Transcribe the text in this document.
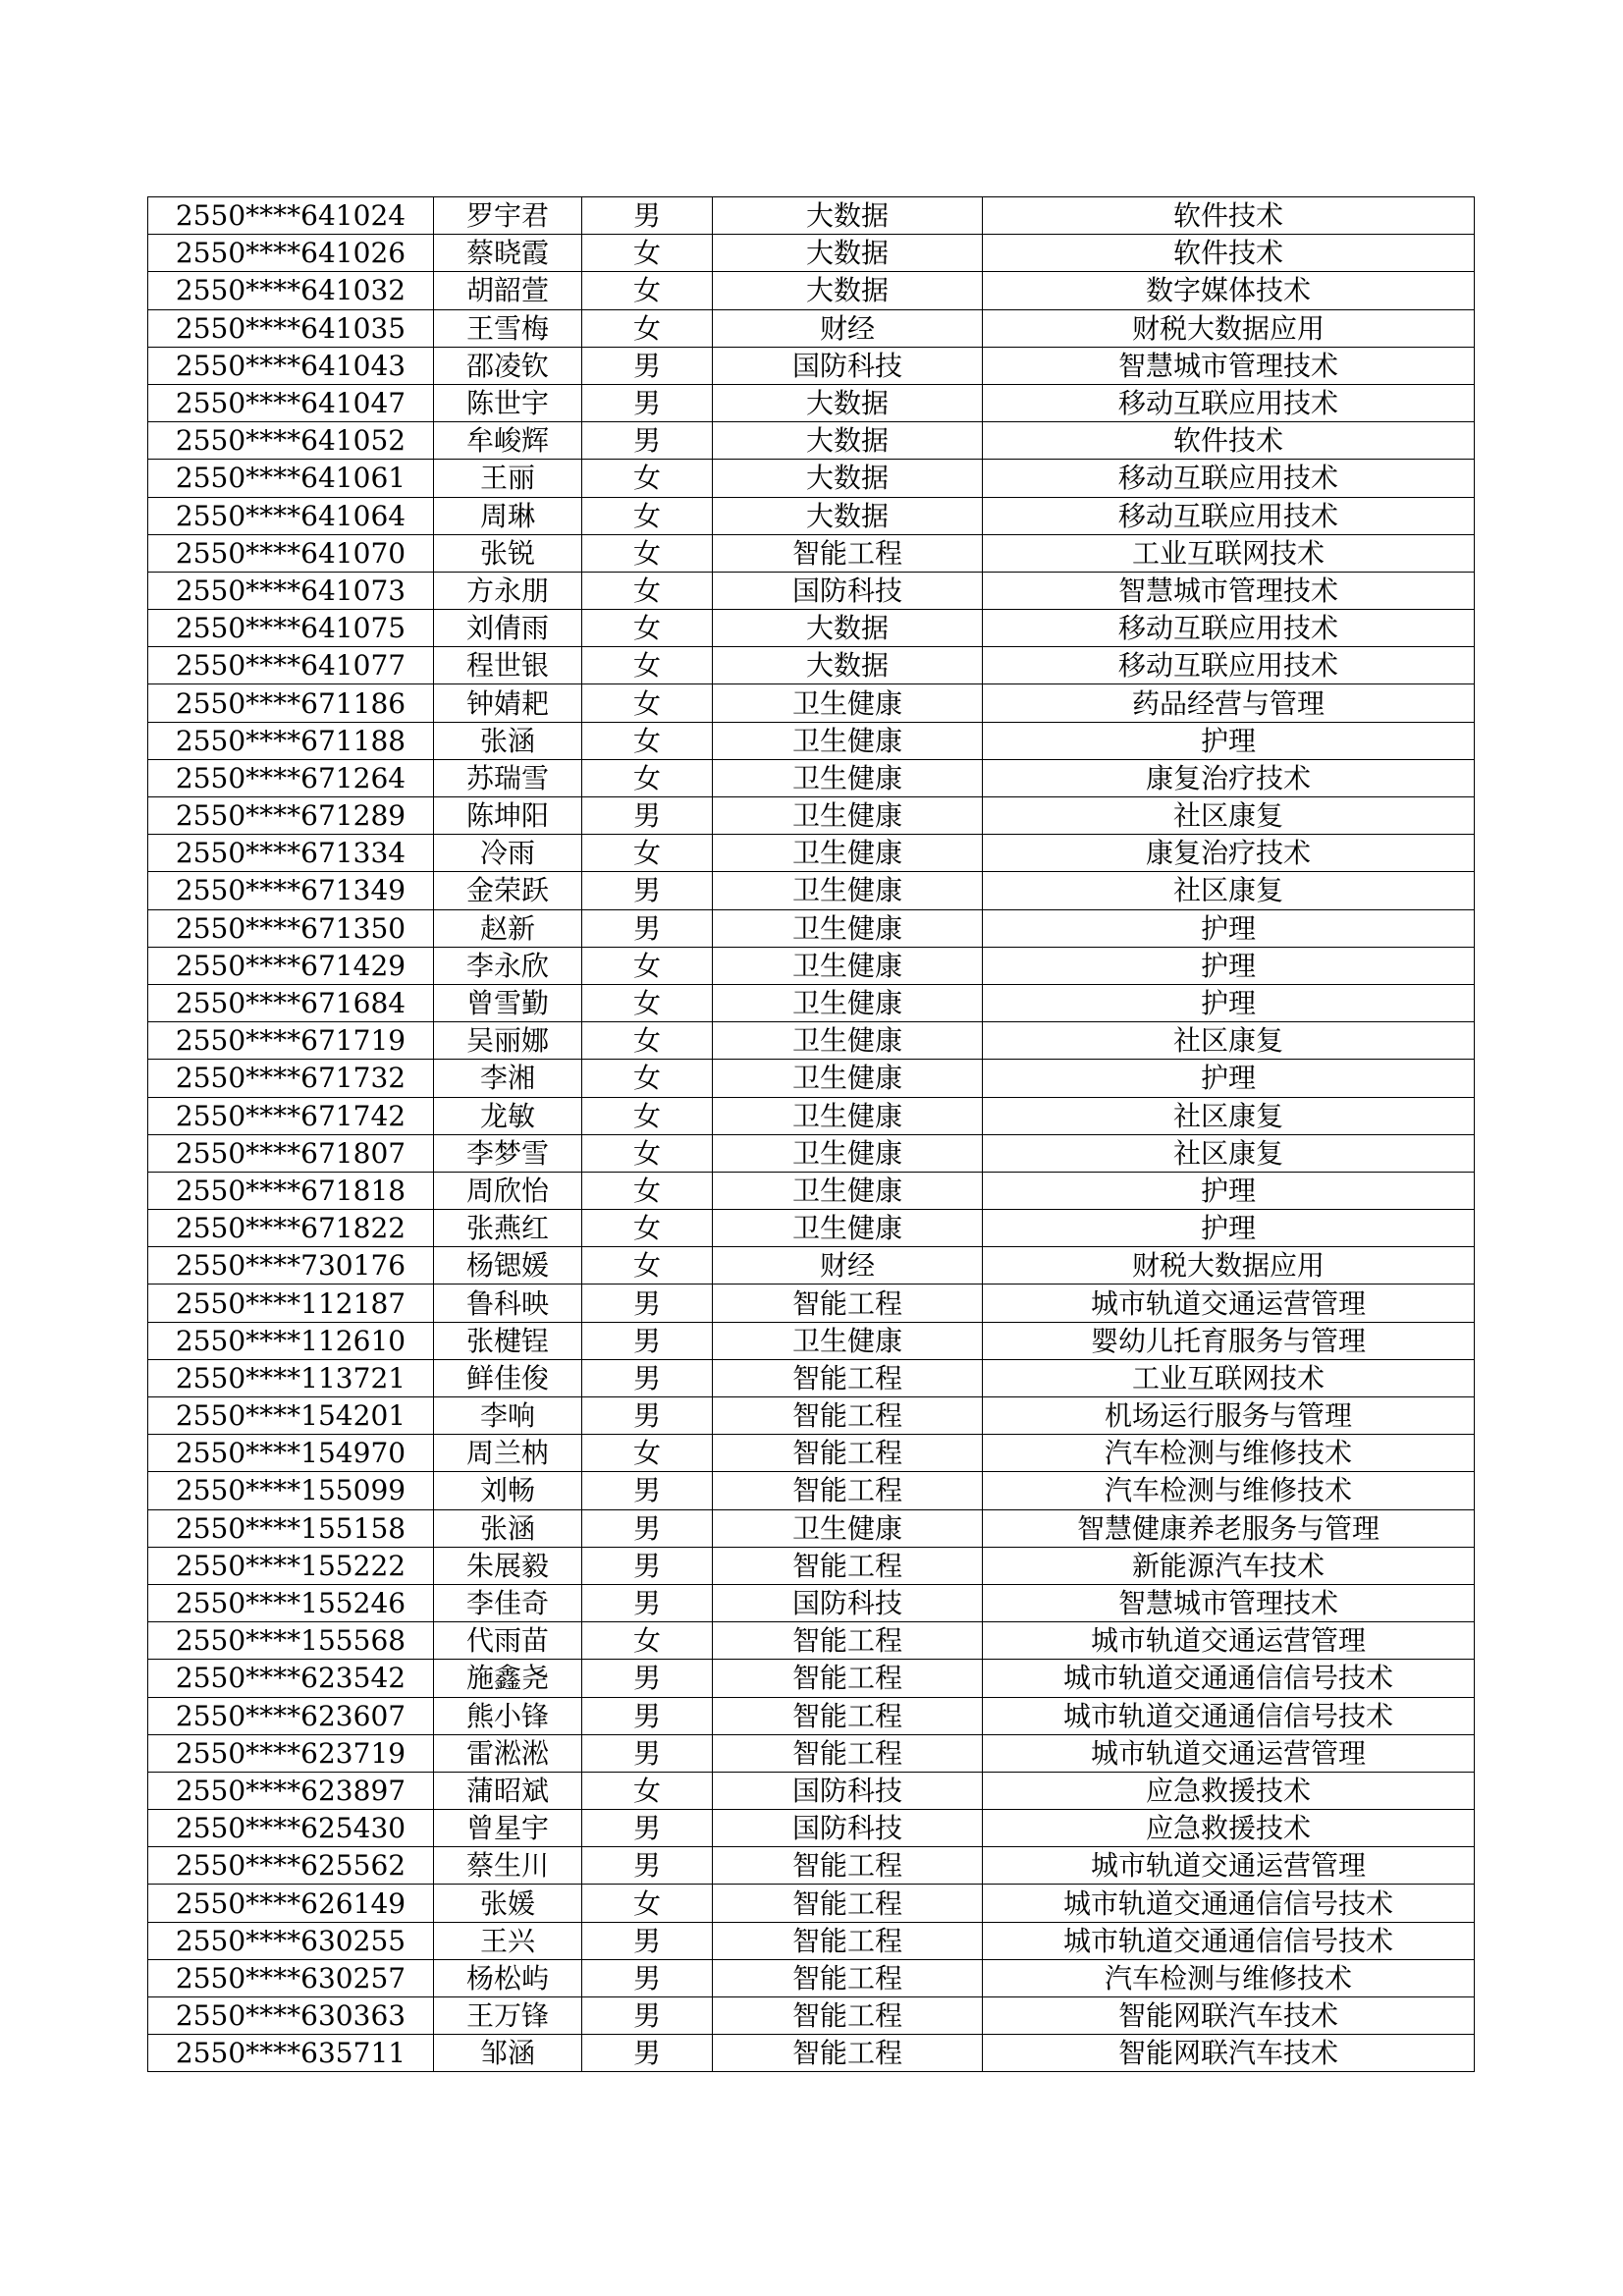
2550****641024	罗宇君	男	大数据	软件技术
2550****641026	蔡晓霞	女	大数据	软件技术
2550****641032	胡韶萱	女	大数据	数字媒体技术
2550****641035	王雪梅	女	财经	财税大数据应用
2550****641043	邵凌钦	男	国防科技	智慧城市管理技术
2550****641047	陈世宇	男	大数据	移动互联应用技术
2550****641052	牟峻辉	男	大数据	软件技术
2550****641061	王丽	女	大数据	移动互联应用技术
2550****641064	周琳	女	大数据	移动互联应用技术
2550****641070	张锐	女	智能工程	工业互联网技术
2550****641073	方永朋	女	国防科技	智慧城市管理技术
2550****641075	刘倩雨	女	大数据	移动互联应用技术
2550****641077	程世银	女	大数据	移动互联应用技术
2550****671186	钟婧耙	女	卫生健康	药品经营与管理
2550****671188	张涵	女	卫生健康	护理
2550****671264	苏瑞雪	女	卫生健康	康复治疗技术
2550****671289	陈坤阳	男	卫生健康	社区康复
2550****671334	冷雨	女	卫生健康	康复治疗技术
2550****671349	金荣跃	男	卫生健康	社区康复
2550****671350	赵新	男	卫生健康	护理
2550****671429	李永欣	女	卫生健康	护理
2550****671684	曾雪勤	女	卫生健康	护理
2550****671719	吴丽娜	女	卫生健康	社区康复
2550****671732	李湘	女	卫生健康	护理
2550****671742	龙敏	女	卫生健康	社区康复
2550****671807	李梦雪	女	卫生健康	社区康复
2550****671818	周欣怡	女	卫生健康	护理
2550****671822	张燕红	女	卫生健康	护理
2550****730176	杨锶媛	女	财经	财税大数据应用
2550****112187	鲁科映	男	智能工程	城市轨道交通运营管理
2550****112610	张楗锃	男	卫生健康	婴幼儿托育服务与管理
2550****113721	鲜佳俊	男	智能工程	工业互联网技术
2550****154201	李响	男	智能工程	机场运行服务与管理
2550****154970	周兰枘	女	智能工程	汽车检测与维修技术
2550****155099	刘畅	男	智能工程	汽车检测与维修技术
2550****155158	张涵	男	卫生健康	智慧健康养老服务与管理
2550****155222	朱展毅	男	智能工程	新能源汽车技术
2550****155246	李佳奇	男	国防科技	智慧城市管理技术
2550****155568	代雨苗	女	智能工程	城市轨道交通运营管理
2550****623542	施鑫尧	男	智能工程	城市轨道交通通信信号技术
2550****623607	熊小锋	男	智能工程	城市轨道交通通信信号技术
2550****623719	雷淞淞	男	智能工程	城市轨道交通运营管理
2550****623897	蒲昭斌	女	国防科技	应急救援技术
2550****625430	曾星宇	男	国防科技	应急救援技术
2550****625562	蔡生川	男	智能工程	城市轨道交通运营管理
2550****626149	张媛	女	智能工程	城市轨道交通通信信号技术
2550****630255	王兴	男	智能工程	城市轨道交通通信信号技术
2550****630257	杨松屿	男	智能工程	汽车检测与维修技术
2550****630363	王万锋	男	智能工程	智能网联汽车技术
2550****635711	邹涵	男	智能工程	智能网联汽车技术
